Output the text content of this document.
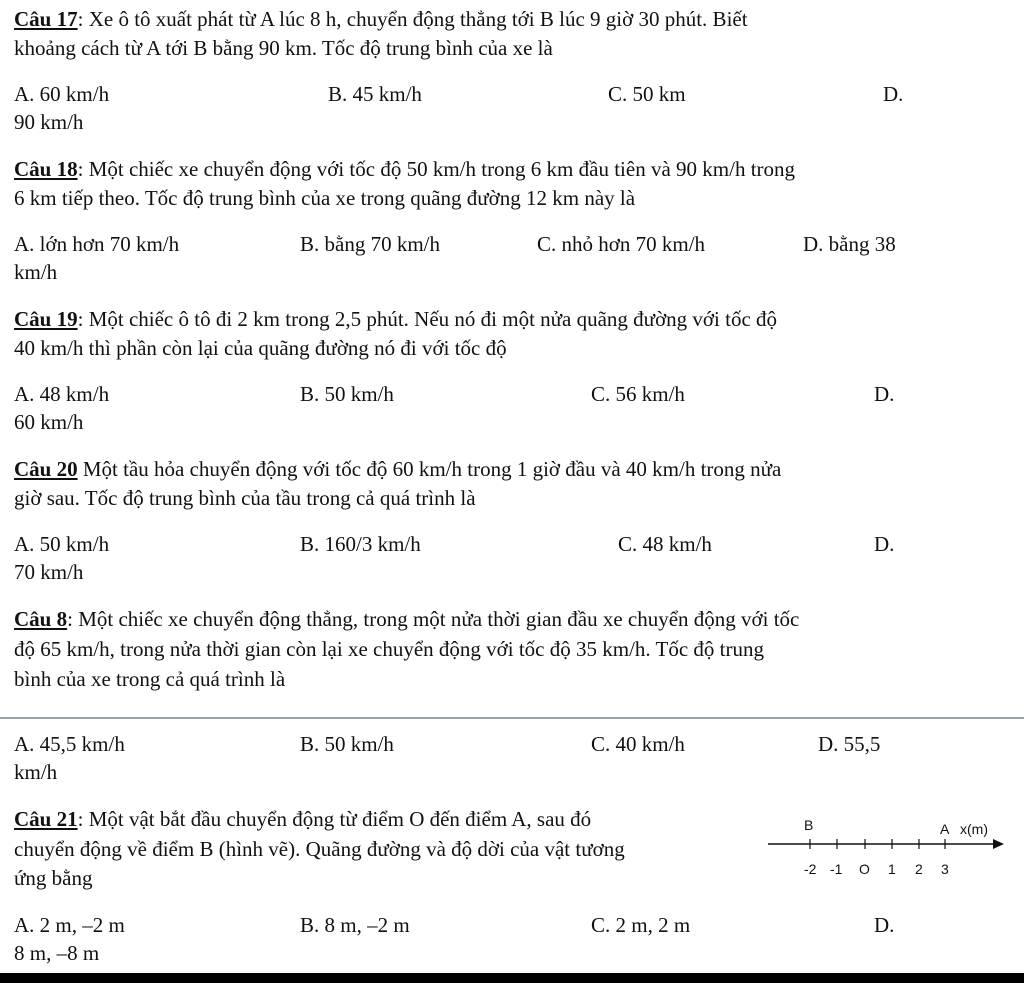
Câu 17: Xe ô tô xuất phát từ A lúc 8 h, chuyển động thẳng tới B lúc 9 giờ 30 phút. Biết
khoảng cách từ A tới B bằng 90 km. Tốc độ trung bình của xe là
A. 60 km/h	B. 45 km/h	C. 50 km	D.
90 km/h
Câu 18: Một chiếc xe chuyển động với tốc độ 50 km/h trong 6 km đầu tiên và 90 km/h trong
6 km tiếp theo. Tốc độ trung bình của xe trong quãng đường 12 km này là
A. lớn hơn 70 km/h	B. bằng 70 km/h	C. nhỏ hơn 70 km/h	D. bằng 38
km/h
Câu 19: Một chiếc ô tô đi 2 km trong 2,5 phút. Nếu nó đi một nửa quãng đường với tốc độ
40 km/h thì phần còn lại của quãng đường nó đi với tốc độ
A. 48 km/h	B. 50 km/h	C. 56 km/h	D.
60 km/h
Câu 20 Một tầu hỏa chuyển động với tốc độ 60 km/h trong 1 giờ đầu và 40 km/h trong nửa
giờ sau. Tốc độ trung bình của tầu trong cả quá trình là
A. 50 km/h	B. 160/3 km/h	C. 48 km/h	D.
70 km/h
Câu 8: Một chiếc xe chuyển động thẳng, trong một nửa thời gian đầu xe chuyển động với tốc
độ 65 km/h, trong nửa thời gian còn lại xe chuyển động với tốc độ 35 km/h. Tốc độ trung
bình của xe trong cả quá trình là
A. 45,5 km/h	B. 50 km/h	C. 40 km/h	D. 55,5
km/h
Câu 21: Một vật bắt đầu chuyển động từ điểm O đến điểm A, sau đó
chuyển động về điểm B (hình vẽ). Quãng đường và độ dời của vật tương
ứng bằng
B	A x(m)
-2 -1 O 1 2 3
A. 2 m, –2 m	B. 8 m, –2 m	C. 2 m, 2 m	D.
8 m, –8 m
